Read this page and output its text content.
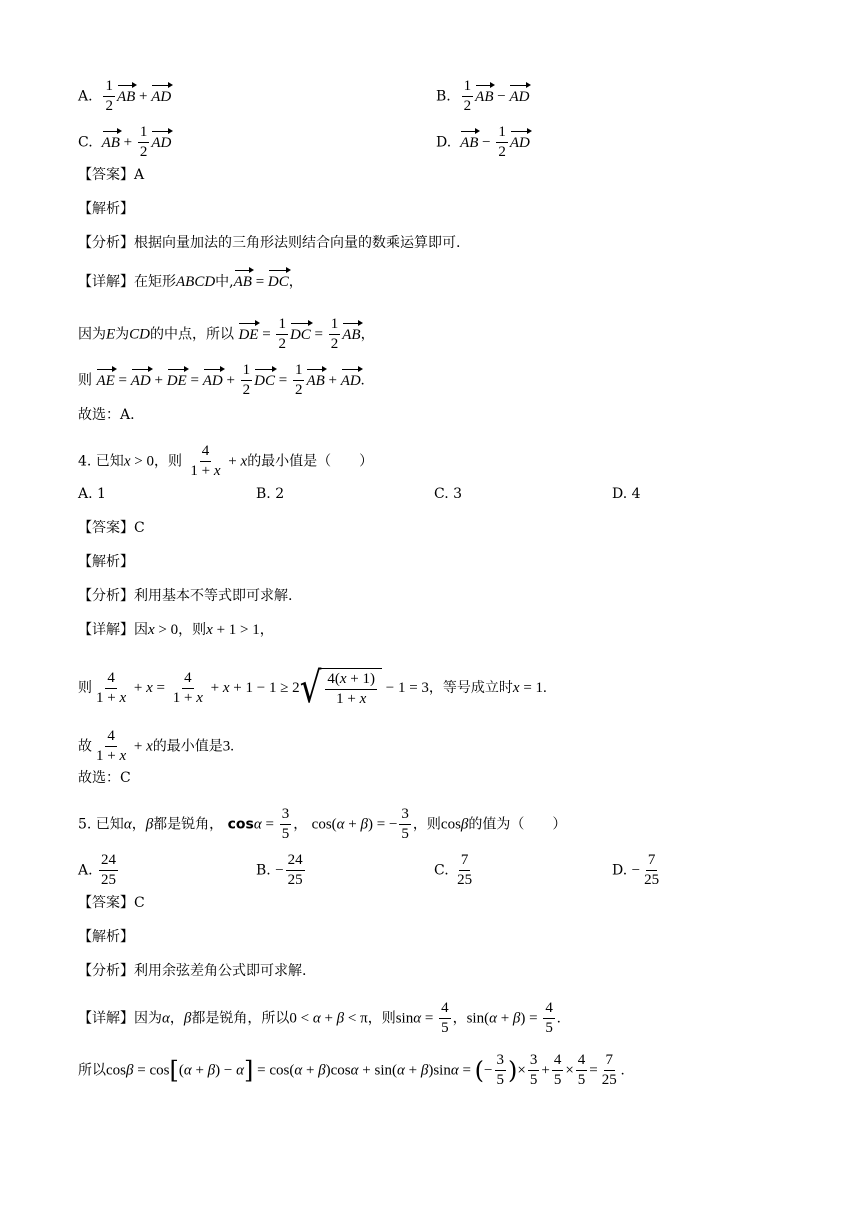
A. $\frac{1}{2}$ AB + AD	B. $\frac{1}{2}$ AB − AD
C. AB + $\frac{1}{2}$ AD	D. AB − $\frac{1}{2}$ AD
【答案】A
【解析】
【分析】根据向量加法的三角形法则结合向量的数乘运算即可.
【详解】在矩形ABCD中,AB = DC，
因为E为CD的中点，所以 DE = $\frac{1}{2}$ DC = $\frac{1}{2}$ AB，
则 AE = AD + DE = AD + $\frac{1}{2}$ DC = $\frac{1}{2}$ AB + AD.
故选：A.
4. 已知x > 0，则 $\frac{4}{1 + x} + x$的最小值是（　　）
A. 1	B. 2	C. 3	D. 4
【答案】C
【解析】
【分析】利用基本不等式即可求解.
【详解】因x > 0，则x + 1 > 1，
则 $\frac{4}{1 + x} + x = \frac{4}{1 + x} + x + 1 - 1 \ge 2$ √ $\frac{4(x + 1)}{1 + x} - 1 = 3$，等号成立时x = 1.
故 $\frac{4}{1 + x} + x$的最小值是3.
故选：C
5. 已知α，β都是锐角， $\cos\alpha = \frac{3}{5}$ ， cos(α + β) = − $\frac{3}{5}$ ，则cosβ的值为（　　）
A. $\frac{24}{25}$	B. − $\frac{24}{25}$	C. $\frac{7}{25}$	D. − $\frac{7}{25}$
【答案】C
【解析】
【分析】利用余弦差角公式即可求解.
【详解】因为α，β都是锐角，所以0 < α + β < π，则$\sin\alpha = \frac{4}{5}$ ，$\sin(\alpha + \beta) = \frac{4}{5}$ .
所以cosβ = cos[(α + β) − α] = cos(α + β)cosα + sin(α + β)sinα = (− $\frac{3}{5}$ )× $\frac{3}{5} + \frac{4}{5} \times \frac{4}{5} = \frac{7}{25}$ .
